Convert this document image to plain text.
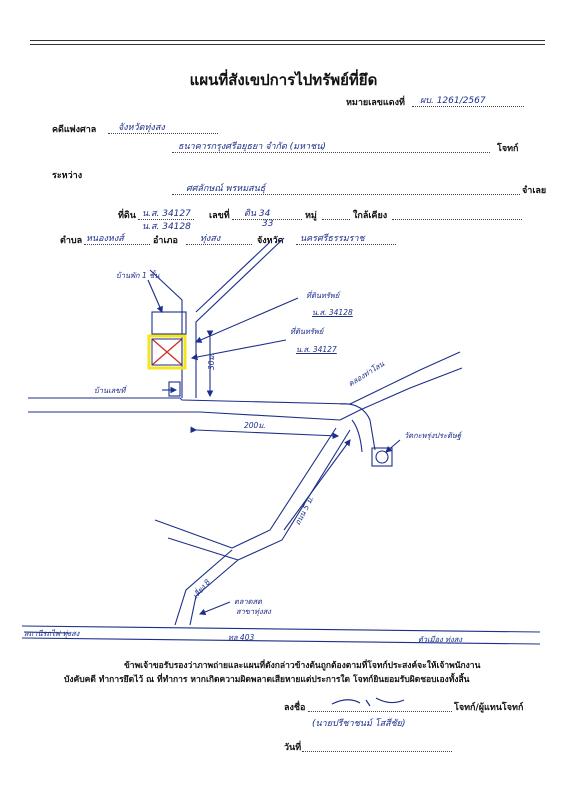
แผนที่สังเขปการไปทรัพย์ที่ยึด
หมายเลขแดงที่ ผบ. 1261/2567
คดีแพ่งศาล จังหวัดทุ่งสง
ธนาคารกรุงศรีอยุธยา จำกัด (มหาชน)	โจทก์
ระหว่าง
ศศลักษณ์ พรหมสนธุ์	จำเลย
ที่ดิน น.ส. 34127
น.ส. 34128
เลขที่ ดิน 34
33
หมู่	ใกล้เคียง
ตำบล หนองหงส์	อำเภอ ทุ่งสง	จังหวัด นครศรีธรรมราช
บ้านพัก 1 ชั้น
ที่ดินทรัพย์
น.ส. 34128
ที่ดินทรัพย์
น.ส. 34127
30ม.
บ้านเลขที่
200ม.
คลองท่าโลน
วัดกะพรุ่งประดิษฐ์
ถนน 5 ม.
เลี่ยง 8
ตลาดสด
สาขาทุ่งสง
สถานีรถไฟ ทุ่งสง	ทล 403	ตัวเมือง ทุ่งสง
ข้าพเจ้าขอรับรองว่าภาพถ่ายและแผนที่ดังกล่าวข้างต้นถูกต้องตามที่โจทก์ประสงค์จะให้เจ้าพนักงาน
บังคับคดี ทำการยึดไว้ ณ ที่ทำการ หากเกิดความผิดพลาดเสียหายแต่ประการใด โจทก์ยินยอมรับผิดชอบเองทั้งสิ้น
ลงชื่อ	โจทก์/ผู้แทนโจทก์
(นายปรีชาชนม์ โสสีชัย)
วันที่
